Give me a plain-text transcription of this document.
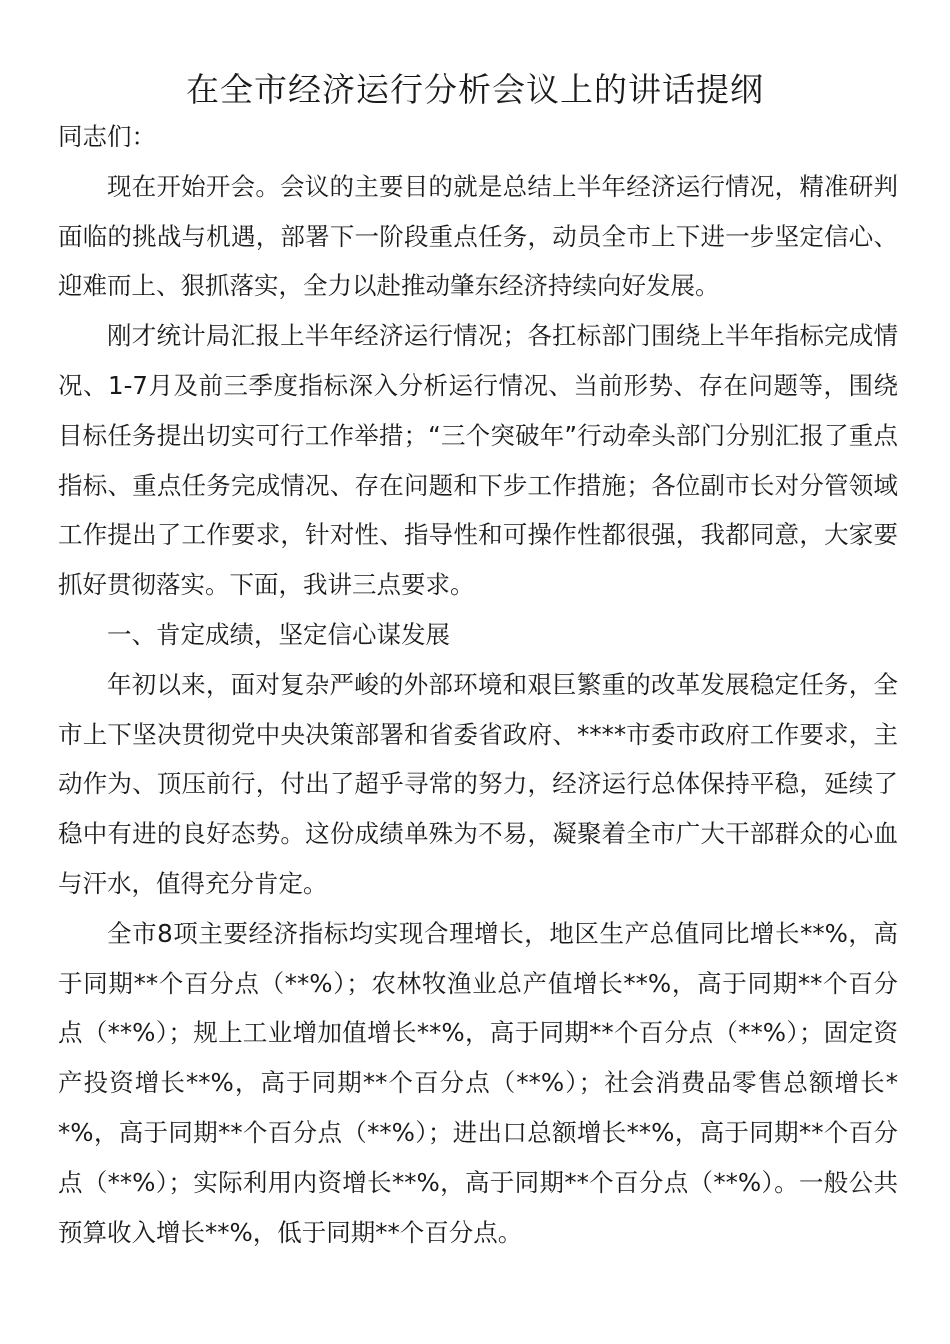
在全市经济运行分析会议上的讲话提纲

同志们：

现在开始开会。会议的主要目的就是总结上半年经济运行情况，精准研判面临的挑战与机遇，部署下一阶段重点任务，动员全市上下进一步坚定信心、迎难而上、狠抓落实，全力以赴推动肇东经济持续向好发展。

刚才统计局汇报上半年经济运行情况；各扛标部门围绕上半年指标完成情况、1-7月及前三季度指标深入分析运行情况、当前形势、存在问题等，围绕目标任务提出切实可行工作举措；“三个突破年”行动牵头部门分别汇报了重点指标、重点任务完成情况、存在问题和下步工作措施；各位副市长对分管领域工作提出了工作要求，针对性、指导性和可操作性都很强，我都同意，大家要抓好贯彻落实。下面，我讲三点要求。

一、肯定成绩，坚定信心谋发展

年初以来，面对复杂严峻的外部环境和艰巨繁重的改革发展稳定任务，全市上下坚决贯彻党中央决策部署和省委省政府、****市委市政府工作要求，主动作为、顶压前行，付出了超乎寻常的努力，经济运行总体保持平稳，延续了稳中有进的良好态势。这份成绩单殊为不易，凝聚着全市广大干部群众的心血与汗水，值得充分肯定。

全市8项主要经济指标均实现合理增长，地区生产总值同比增长**%，高于同期**个百分点（**%）；农林牧渔业总产值增长**%，高于同期**个百分点（**%）；规上工业增加值增长**%，高于同期**个百分点（**%）；固定资产投资增长**%，高于同期**个百分点（**%）；社会消费品零售总额增长**%，高于同期**个百分点（**%）；进出口总额增长**%，高于同期**个百分点（**%）；实际利用内资增长**%，高于同期**个百分点（**%）。一般公共预算收入增长**%，低于同期**个百分点。
